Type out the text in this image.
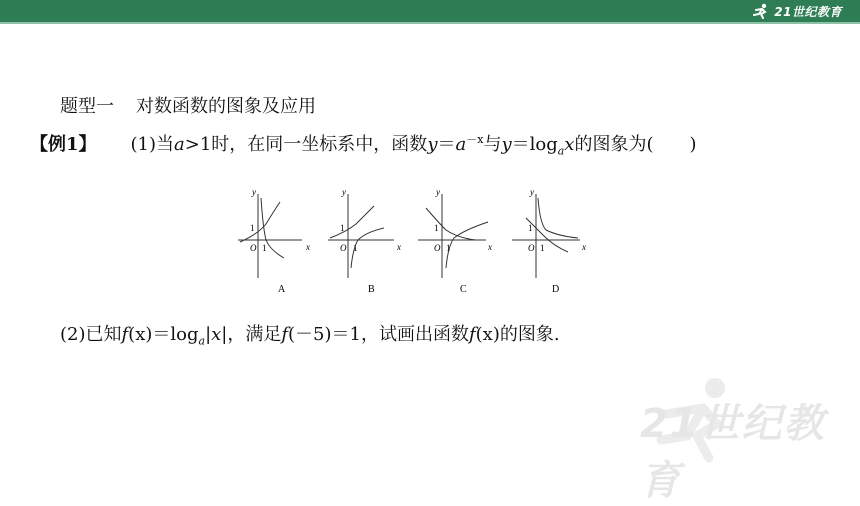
21世纪教育
题型一 对数函数的图象及应用
【例1】 (1)当a>1时，在同一坐标系中，函数$y=a^{-x}$与$y=\log_ax$的图象为(　　)
y
x
O 1
1
A
y
x
O 1
1
B
y
x
O 1
1
C
y
x
O 1
1
D
(2)已知$f(x)=\log_a|x|$，满足f(－5)＝1，试画出函数f(x)的图象.
21世纪教育
